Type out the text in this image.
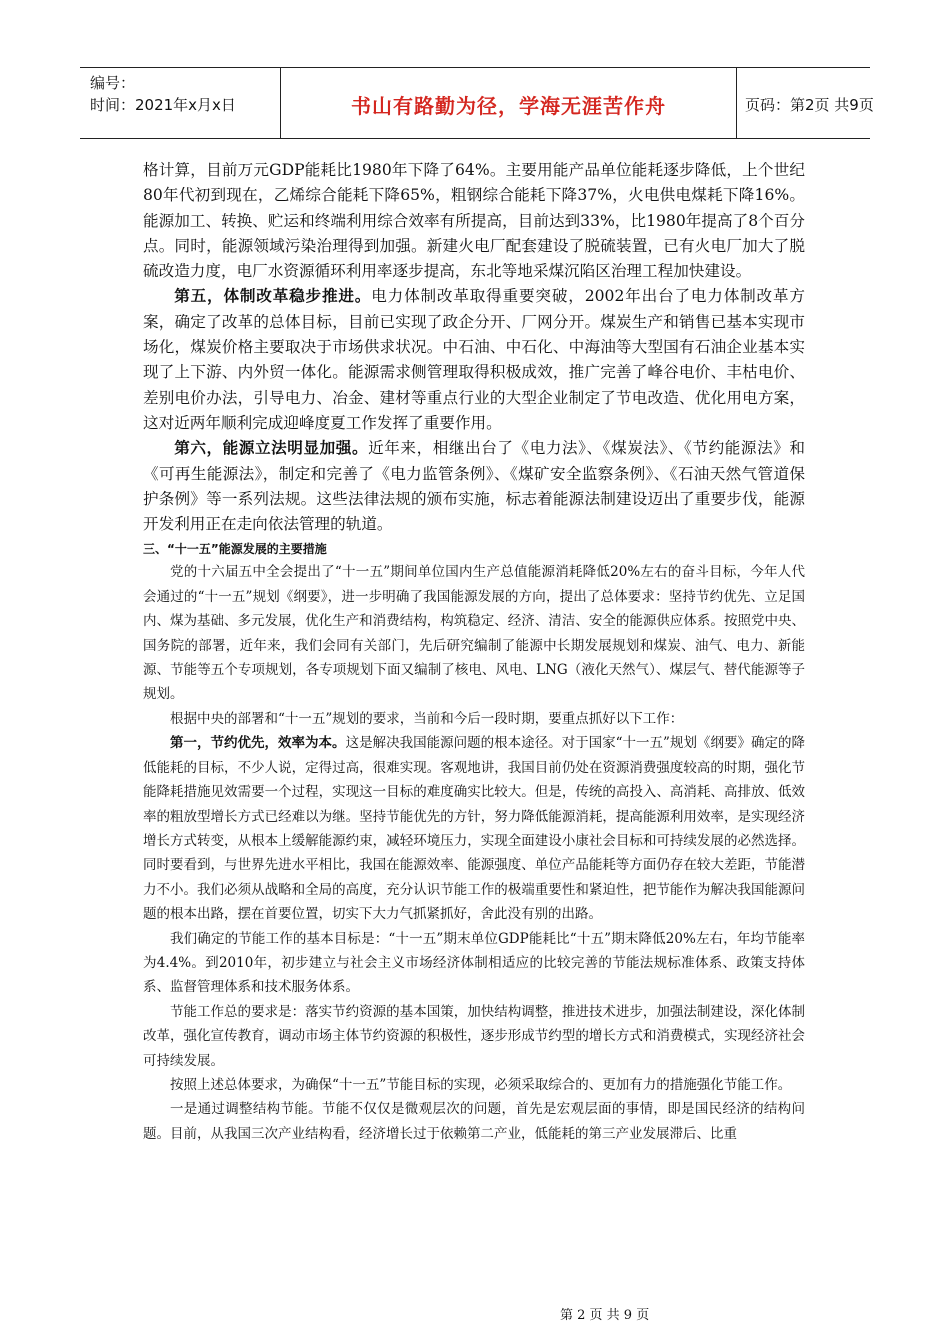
编号：
时间：2021年x月x日	书山有路勤为径，学海无涯苦作舟	页码：第2页 共9页

格计算，目前万元GDP能耗比1980年下降了64%。主要用能产品单位能耗逐步降低，上个世纪80年代初到现在，乙烯综合能耗下降65%，粗钢综合能耗下降37%，火电供电煤耗下降16%。能源加工、转换、贮运和终端利用综合效率有所提高，目前达到33%，比1980年提高了8个百分点。同时，能源领域污染治理得到加强。新建火电厂配套建设了脱硫装置，已有火电厂加大了脱硫改造力度，电厂水资源循环利用率逐步提高，东北等地采煤沉陷区治理工程加快建设。

第五，体制改革稳步推进。电力体制改革取得重要突破，2002年出台了电力体制改革方案，确定了改革的总体目标，目前已实现了政企分开、厂网分开。煤炭生产和销售已基本实现市场化，煤炭价格主要取决于市场供求状况。中石油、中石化、中海油等大型国有石油企业基本实现了上下游、内外贸一体化。能源需求侧管理取得积极成效，推广完善了峰谷电价、丰枯电价、差别电价办法，引导电力、冶金、建材等重点行业的大型企业制定了节电改造、优化用电方案，这对近两年顺利完成迎峰度夏工作发挥了重要作用。

第六，能源立法明显加强。近年来，相继出台了《电力法》、《煤炭法》、《节约能源法》和《可再生能源法》，制定和完善了《电力监管条例》、《煤矿安全监察条例》、《石油天然气管道保护条例》等一系列法规。这些法律法规的颁布实施，标志着能源法制建设迈出了重要步伐，能源开发利用正在走向依法管理的轨道。

三、“十一五”能源发展的主要措施

党的十六届五中全会提出了“十一五”期间单位国内生产总值能源消耗降低20%左右的奋斗目标，今年人代会通过的“十一五”规划《纲要》，进一步明确了我国能源发展的方向，提出了总体要求：坚持节约优先、立足国内、煤为基础、多元发展，优化生产和消费结构，构筑稳定、经济、清洁、安全的能源供应体系。按照党中央、国务院的部署，近年来，我们会同有关部门，先后研究编制了能源中长期发展规划和煤炭、油气、电力、新能源、节能等五个专项规划，各专项规划下面又编制了核电、风电、LNG（液化天然气）、煤层气、替代能源等子规划。

根据中央的部署和“十一五”规划的要求，当前和今后一段时期，要重点抓好以下工作：

第一，节约优先，效率为本。这是解决我国能源问题的根本途径。对于国家“十一五”规划《纲要》确定的降低能耗的目标，不少人说，定得过高，很难实现。客观地讲，我国目前仍处在资源消费强度较高的时期，强化节能降耗措施见效需要一个过程，实现这一目标的难度确实比较大。但是，传统的高投入、高消耗、高排放、低效率的粗放型增长方式已经难以为继。坚持节能优先的方针，努力降低能源消耗，提高能源利用效率，是实现经济增长方式转变，从根本上缓解能源约束，减轻环境压力，实现全面建设小康社会目标和可持续发展的必然选择。同时要看到，与世界先进水平相比，我国在能源效率、能源强度、单位产品能耗等方面仍存在较大差距，节能潜力不小。我们必须从战略和全局的高度，充分认识节能工作的极端重要性和紧迫性，把节能作为解决我国能源问题的根本出路，摆在首要位置，切实下大力气抓紧抓好，舍此没有别的出路。

我们确定的节能工作的基本目标是：“十一五”期末单位GDP能耗比“十五”期末降低20%左右，年均节能率为4.4%。到2010年，初步建立与社会主义市场经济体制相适应的比较完善的节能法规标准体系、政策支持体系、监督管理体系和技术服务体系。

节能工作总的要求是：落实节约资源的基本国策，加快结构调整，推进技术进步，加强法制建设，深化体制改革，强化宣传教育，调动市场主体节约资源的积极性，逐步形成节约型的增长方式和消费模式，实现经济社会可持续发展。

按照上述总体要求，为确保“十一五”节能目标的实现，必须采取综合的、更加有力的措施强化节能工作。

一是通过调整结构节能。节能不仅仅是微观层次的问题，首先是宏观层面的事情，即是国民经济的结构问题。目前，从我国三次产业结构看，经济增长过于依赖第二产业，低能耗的第三产业发展滞后、比重

第 2 页 共 9 页
